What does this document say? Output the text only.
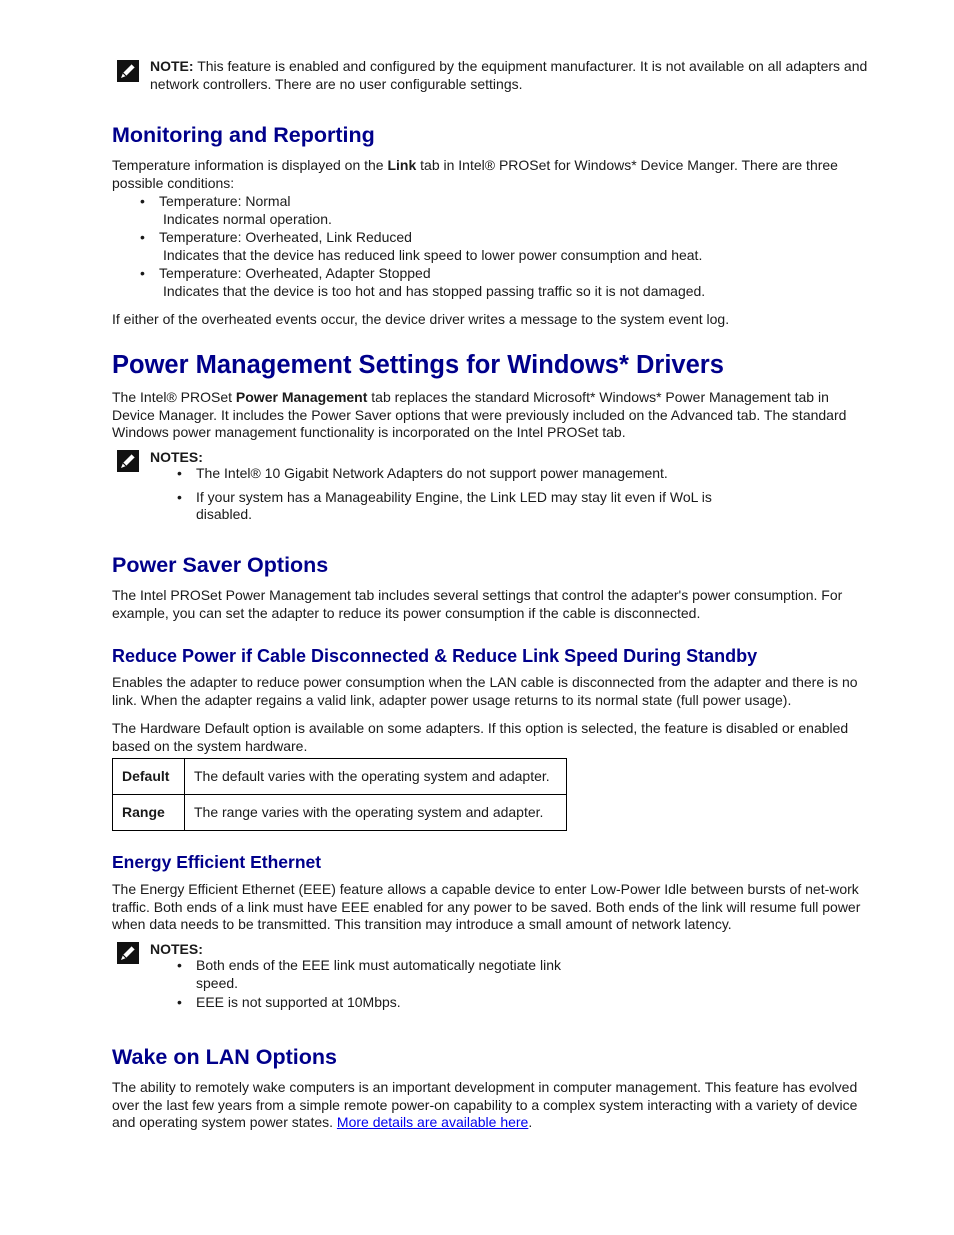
NOTE: This feature is enabled and configured by the equipment manufacturer. It is not available on all adapters and network controllers. There are no user configurable settings.

Monitoring and Reporting

Temperature information is displayed on the Link tab in Intel® PROSet for Windows* Device Manger. There are three possible conditions:

• Temperature: Normal
Indicates normal operation.
• Temperature: Overheated, Link Reduced
Indicates that the device has reduced link speed to lower power consumption and heat.
• Temperature: Overheated, Adapter Stopped
Indicates that the device is too hot and has stopped passing traffic so it is not damaged.

If either of the overheated events occur, the device driver writes a message to the system event log.

Power Management Settings for Windows* Drivers

The Intel® PROSet Power Management tab replaces the standard Microsoft* Windows* Power Management tab in Device Manager. It includes the Power Saver options that were previously included on the Advanced tab. The standard Windows power management functionality is incorporated on the Intel PROSet tab.

NOTES:

• The Intel® 10 Gigabit Network Adapters do not support power management.
• If your system has a Manageability Engine, the Link LED may stay lit even if WoL is disabled.
Power Saver Options

The Intel PROSet Power Management tab includes several settings that control the adapter's power consumption. For example, you can set the adapter to reduce its power consumption if the cable is disconnected.

Reduce Power if Cable Disconnected & Reduce Link Speed During Standby

Enables the adapter to reduce power consumption when the LAN cable is disconnected from the adapter and there is no link. When the adapter regains a valid link, adapter power usage returns to its normal state (full power usage).

The Hardware Default option is available on some adapters. If this option is selected, the feature is disabled or enabled based on the system hardware.

Default	The default varies with the operating system and adapter.
Range	The range varies with the operating system and adapter.
Energy Efficient Ethernet

The Energy Efficient Ethernet (EEE) feature allows a capable device to enter Low-Power Idle between bursts of net-work traffic. Both ends of a link must have EEE enabled for any power to be saved. Both ends of the link will resume full power when data needs to be transmitted. This transition may introduce a small amount of network latency.

NOTES:

• Both ends of the EEE link must automatically negotiate link speed.
• EEE is not supported at 10Mbps.
Wake on LAN Options

The ability to remotely wake computers is an important development in computer management. This feature has evolved over the last few years from a simple remote power-on capability to a complex system interacting with a variety of device and operating system power states. More details are available here.
